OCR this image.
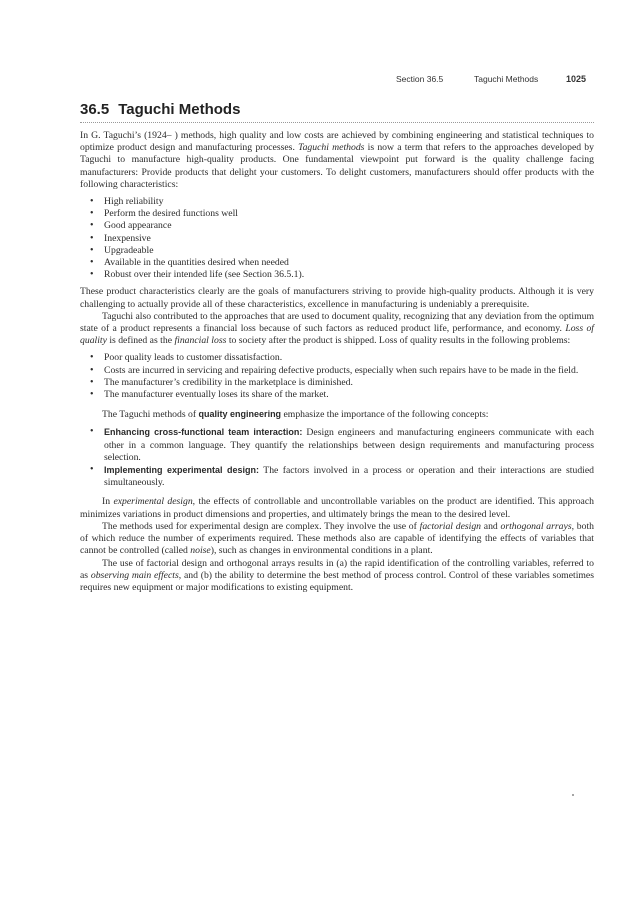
Section 36.5	Taguchi Methods	1025
36.5 Taguchi Methods

In G. Taguchi’s (1924– ) methods, high quality and low costs are achieved by combining engineering and statistical techniques to optimize product design and manufacturing processes. Taguchi methods is now a term that refers to the approaches developed by Taguchi to manufacture high-quality products. One fundamental viewpoint put forward is the quality challenge facing manufacturers: Provide products that delight your customers. To delight customers, manufacturers should offer products with the following characteristics:

• High reliability
• Perform the desired functions well
• Good appearance
• Inexpensive
• Upgradeable
• Available in the quantities desired when needed
• Robust over their intended life (see Section 36.5.1).

These product characteristics clearly are the goals of manufacturers striving to provide high-quality products. Although it is very challenging to actually provide all of these characteristics, excellence in manufacturing is undeniably a prerequisite.

Taguchi also contributed to the approaches that are used to document quality, recognizing that any deviation from the optimum state of a product represents a financial loss because of such factors as reduced product life, performance, and economy. Loss of quality is defined as the financial loss to society after the product is shipped. Loss of quality results in the following problems:

• Poor quality leads to customer dissatisfaction.
• Costs are incurred in servicing and repairing defective products, especially when such repairs have to be made in the field.
• The manufacturer’s credibility in the marketplace is diminished.
• The manufacturer eventually loses its share of the market.

The Taguchi methods of quality engineering emphasize the importance of the following concepts:

• Enhancing cross-functional team interaction: Design engineers and manufacturing engineers communicate with each other in a common language. They quantify the relationships between design requirements and manufacturing process selection.
• Implementing experimental design: The factors involved in a process or operation and their interactions are studied simultaneously.

In experimental design, the effects of controllable and uncontrollable variables on the product are identified. This approach minimizes variations in product dimensions and properties, and ultimately brings the mean to the desired level.

The methods used for experimental design are complex. They involve the use of factorial design and orthogonal arrays, both of which reduce the number of experiments required. These methods also are capable of identifying the effects of variables that cannot be controlled (called noise), such as changes in environmental conditions in a plant.

The use of factorial design and orthogonal arrays results in (a) the rapid identification of the controlling variables, referred to as observing main effects, and (b) the ability to determine the best method of process control. Control of these variables sometimes requires new equipment or major modifications to existing equipment.
